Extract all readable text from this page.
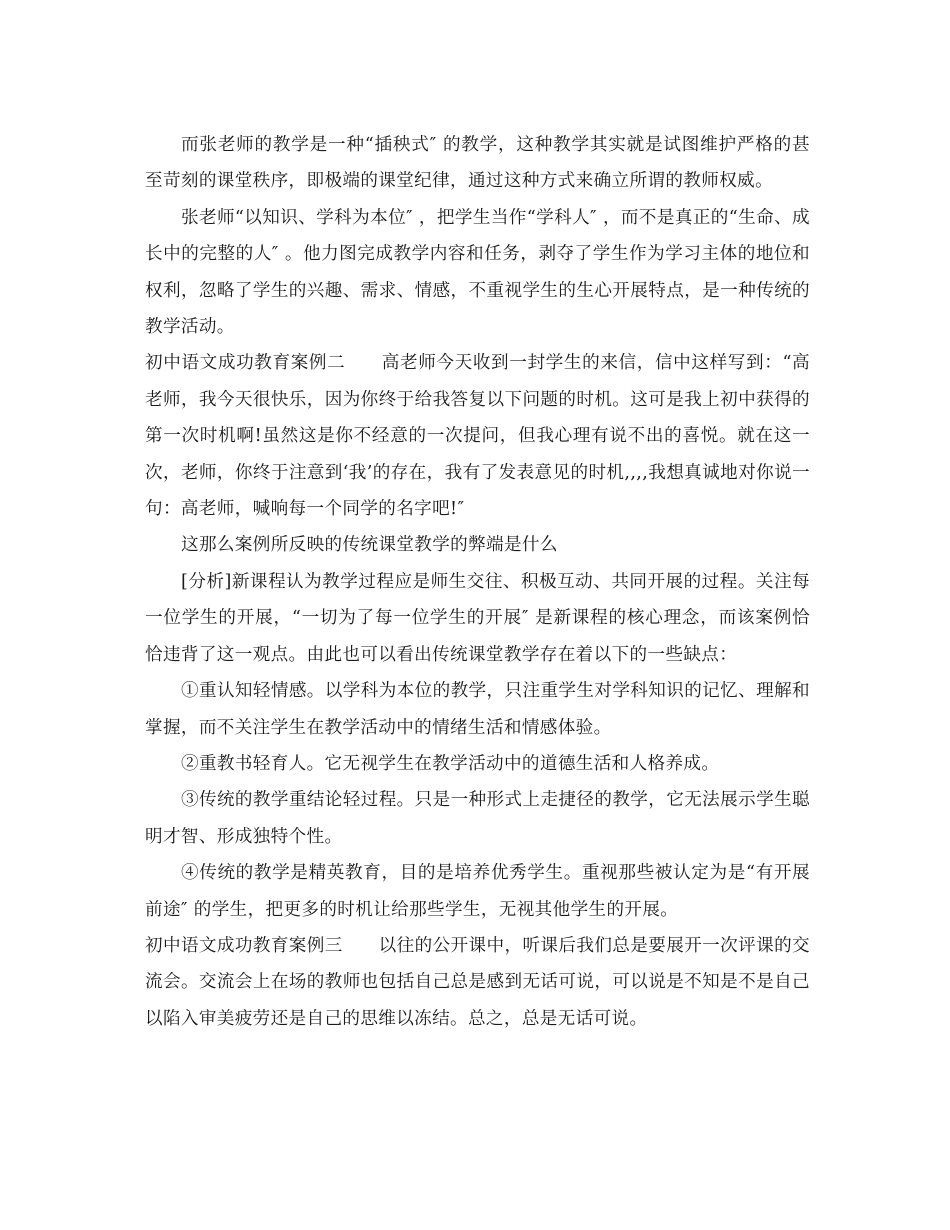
而张老师的教学是一种“插秧式″ 的教学，这种教学其实就是试图维护严格的甚至苛刻的课堂秩序，即极端的课堂纪律，通过这种方式来确立所谓的教师权威。

张老师“以知识、学科为本位″ ，把学生当作“学科人″ ，而不是真正的“生命、成长中的完整的人″ 。他力图完成教学内容和任务，剥夺了学生作为学习主体的地位和权利，忽略了学生的兴趣、需求、情感，不重视学生的生心开展特点，是一种传统的教学活动。

初中语文成功教育案例二　　高老师今天收到一封学生的来信，信中这样写到：“高老师，我今天很快乐，因为你终于给我答复以下问题的时机。这可是我上初中获得的第一次时机啊!虽然这是你不经意的一次提问，但我心理有说不出的喜悦。就在这一次，老师，你终于注意到‘我’的存在，我有了发表意见的时机,,,,我想真诚地对你说一句：高老师，喊响每一个同学的名字吧!″

这那么案例所反映的传统课堂教学的弊端是什么

[分析]新课程认为教学过程应是师生交往、积极互动、共同开展的过程。关注每一位学生的开展，“一切为了每一位学生的开展″ 是新课程的核心理念，而该案例恰恰违背了这一观点。由此也可以看出传统课堂教学存在着以下的一些缺点：

①重认知轻情感。以学科为本位的教学，只注重学生对学科知识的记忆、理解和掌握，而不关注学生在教学活动中的情绪生活和情感体验。

②重教书轻育人。它无视学生在教学活动中的道德生活和人格养成。

③传统的教学重结论轻过程。只是一种形式上走捷径的教学，它无法展示学生聪明才智、形成独特个性。

④传统的教学是精英教育，目的是培养优秀学生。重视那些被认定为是“有开展前途″ 的学生，把更多的时机让给那些学生，无视其他学生的开展。

初中语文成功教育案例三　　以往的公开课中，听课后我们总是要展开一次评课的交流会。交流会上在场的教师也包括自己总是感到无话可说，可以说是不知是不是自己以陷入审美疲劳还是自己的思维以冻结。总之，总是无话可说。
